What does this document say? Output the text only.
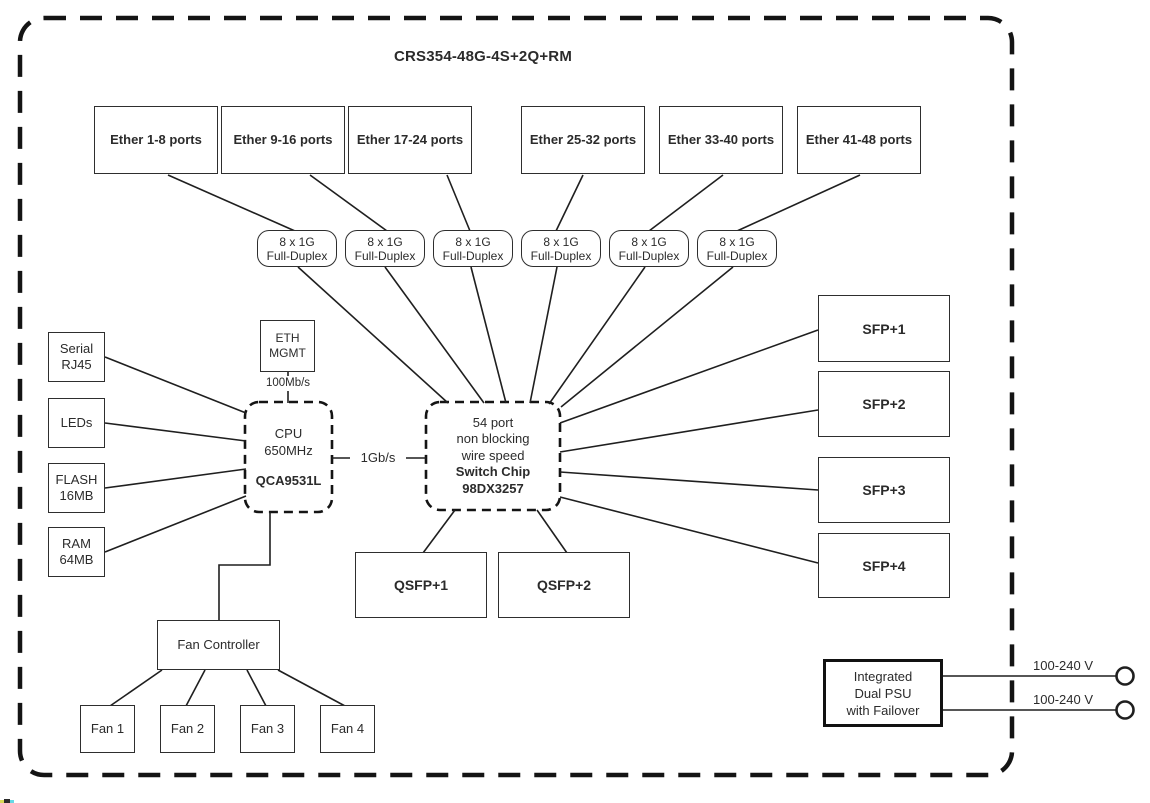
CRS354-48G-4S+2Q+RM
Ether 1-8 ports Ether 9-16 ports Ether 17-24 ports	Ether 25-32 ports Ether 33-40 ports Ether 41-48 ports
8 x 1G
Full-Duplex
8 x 1G
Full-Duplex
8 x 1G
Full-Duplex
8 x 1G
Full-Duplex
8 x 1G
Full-Duplex
8 x 1G
Full-Duplex
Serial
RJ45
LEDs
FLASH
16MB
RAM
64MB
ETH
MGMT
100Mb/s
CPU
650MHz
QCA9531L
1Gb/s
54 port
non blocking
wire speed
Switch Chip
98DX3257
SFP+1
SFP+2
SFP+3
SFP+4
QSFP+1	QSFP+2
Fan Controller
Fan 1	Fan 2	Fan 3	Fan 4
Integrated
Dual PSU
with Failover
100-240 V
100-240 V
